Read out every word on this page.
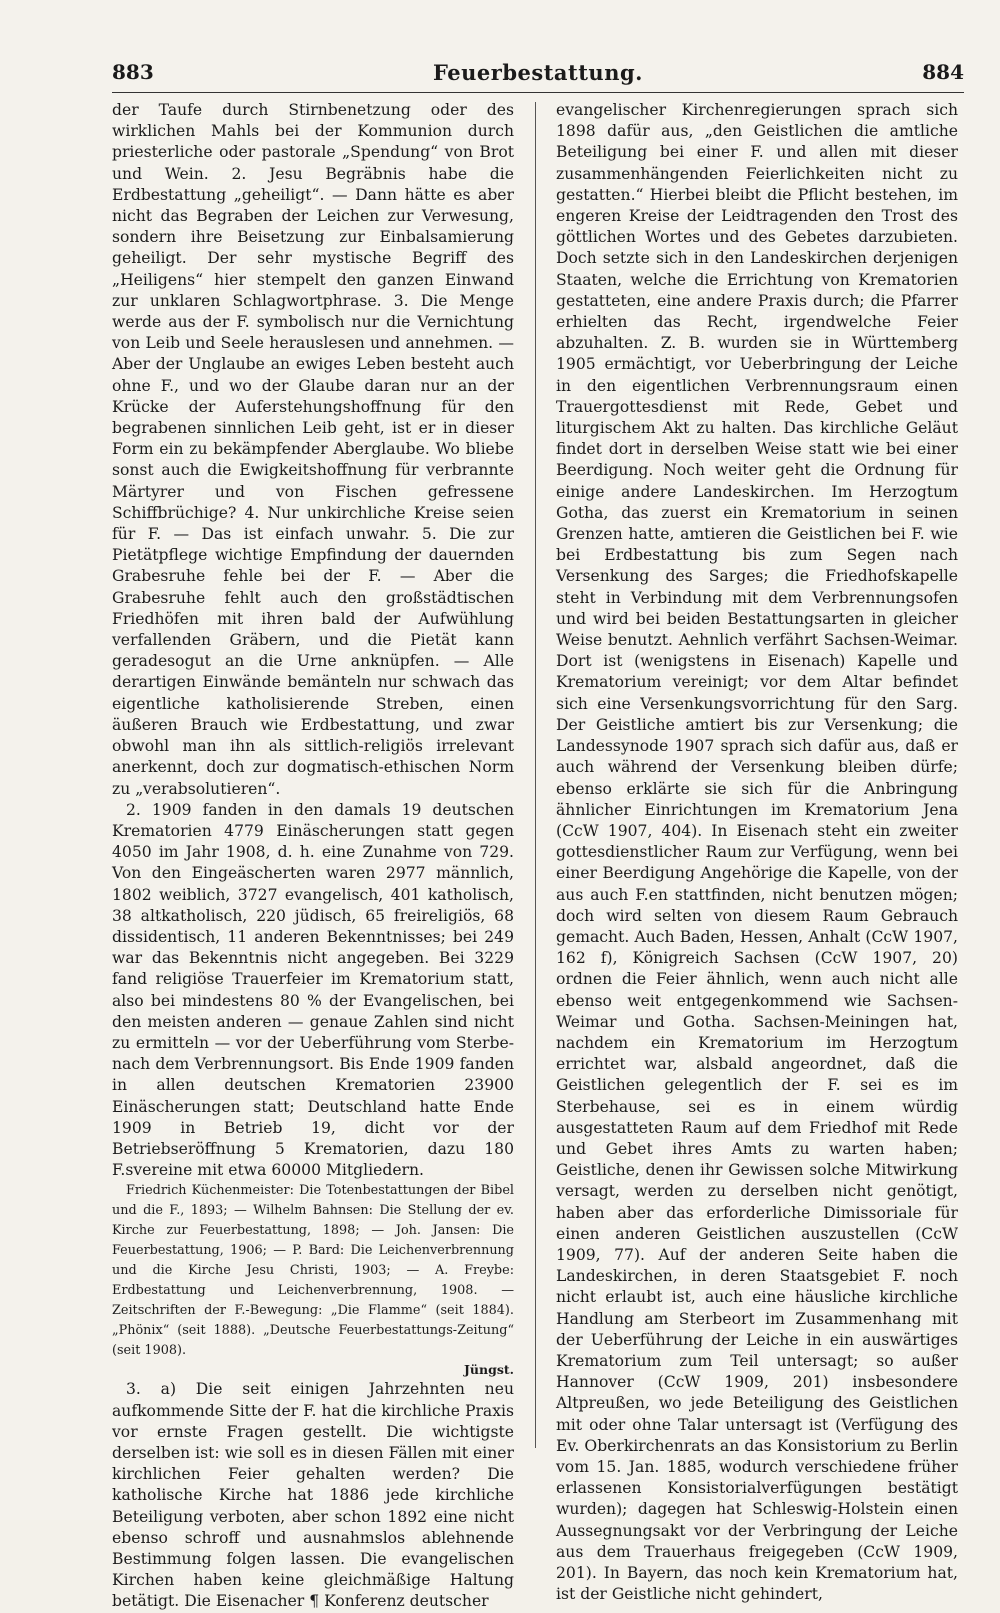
883	Feuerbestattung.	884

der Taufe durch Stirnbenetzung oder des wirklichen Mahls bei der Kommunion durch priesterliche oder pastorale „Spendung“ von Brot und Wein. 2. Jesu Begräbnis habe die Erdbestattung „geheiligt“. — Dann hätte es aber nicht das Begraben der Leichen zur Verwesung, sondern ihre Beisetzung zur Einbalsamierung geheiligt. Der sehr mystische Begriff des „Heiligens“ hier stempelt den ganzen Einwand zur unklaren Schlagwortphrase. 3. Die Menge werde aus der F. symbolisch nur die Vernichtung von Leib und Seele herauslesen und annehmen. — Aber der Unglaube an ewiges Leben besteht auch ohne F., und wo der Glaube daran nur an der Krücke der Auferstehungshoffnung für den begrabenen sinnlichen Leib geht, ist er in dieser Form ein zu bekämpfender Aberglaube. Wo bliebe sonst auch die Ewigkeitshoffnung für verbrannte Märtyrer und von Fischen gefressene Schiffbrüchige? 4. Nur unkirchliche Kreise seien für F. — Das ist einfach unwahr. 5. Die zur Pietätpflege wichtige Empfindung der dauernden Grabesruhe fehle bei der F. — Aber die Grabesruhe fehlt auch den großstädtischen Friedhöfen mit ihren bald der Aufwühlung verfallenden Gräbern, und die Pietät kann geradesogut an die Urne anknüpfen. — Alle derartigen Einwände bemänteln nur schwach das eigentliche katholisierende Streben, einen äußeren Brauch wie Erdbestattung, und zwar obwohl man ihn als sittlich-religiös irrelevant anerkennt, doch zur dogmatisch-ethischen Norm zu „verabsolutieren“.

2. 1909 fanden in den damals 19 deutschen Krematorien 4779 Einäscherungen statt gegen 4050 im Jahr 1908, d. h. eine Zunahme von 729. Von den Eingeäscherten waren 2977 männlich, 1802 weiblich, 3727 evangelisch, 401 katholisch, 38 altkatholisch, 220 jüdisch, 65 freireligiös, 68 dissidentisch, 11 anderen Bekenntnisses; bei 249 war das Bekenntnis nicht angegeben. Bei 3229 fand religiöse Trauerfeier im Krematorium statt, also bei mindestens 80 % der Evangelischen, bei den meisten anderen — genaue Zahlen sind nicht zu ermitteln — vor der Ueberführung vom Sterbe- nach dem Verbrennungsort. Bis Ende 1909 fanden in allen deutschen Krematorien 23900 Einäscherungen statt; Deutschland hatte Ende 1909 in Betrieb 19, dicht vor der Betriebseröffnung 5 Krematorien, dazu 180 F.svereine mit etwa 60000 Mitgliedern.

Friedrich Küchenmeister: Die Totenbestattungen der Bibel und die F., 1893; — Wilhelm Bahnsen: Die Stellung der ev. Kirche zur Feuerbestattung, 1898; — Joh. Jansen: Die Feuerbestattung, 1906; — P. Bard: Die Leichenverbrennung und die Kirche Jesu Christi, 1903; — A. Freybe: Erdbestattung und Leichenverbrennung, 1908. — Zeitschriften der F.-Bewegung: „Die Flamme“ (seit 1884). „Phönix“ (seit 1888). „Deutsche Feuerbestattungs-Zeitung“ (seit 1908).

Jüngst.

3. a) Die seit einigen Jahrzehnten neu aufkommende Sitte der F. hat die kirchliche Praxis vor ernste Fragen gestellt. Die wichtigste derselben ist: wie soll es in diesen Fällen mit einer kirchlichen Feier gehalten werden? Die katholische Kirche hat 1886 jede kirchliche Beteiligung verboten, aber schon 1892 eine nicht ebenso schroff und ausnahmslos ablehnende Bestimmung folgen lassen. Die evangelischen Kirchen haben keine gleichmäßige Haltung betätigt. Die Eisenacher ¶ Konferenz deutscher

evangelischer Kirchenregierungen sprach sich 1898 dafür aus, „den Geistlichen die amtliche Beteiligung bei einer F. und allen mit dieser zusammenhängenden Feierlichkeiten nicht zu gestatten.“ Hierbei bleibt die Pflicht bestehen, im engeren Kreise der Leidtragenden den Trost des göttlichen Wortes und des Gebetes darzubieten. Doch setzte sich in den Landeskirchen derjenigen Staaten, welche die Errichtung von Krematorien gestatteten, eine andere Praxis durch; die Pfarrer erhielten das Recht, irgendwelche Feier abzuhalten. Z. B. wurden sie in Württemberg 1905 ermächtigt, vor Ueberbringung der Leiche in den eigentlichen Verbrennungsraum einen Trauergottesdienst mit Rede, Gebet und liturgischem Akt zu halten. Das kirchliche Geläut findet dort in derselben Weise statt wie bei einer Beerdigung. Noch weiter geht die Ordnung für einige andere Landeskirchen. Im Herzogtum Gotha, das zuerst ein Krematorium in seinen Grenzen hatte, amtieren die Geistlichen bei F. wie bei Erdbestattung bis zum Segen nach Versenkung des Sarges; die Friedhofskapelle steht in Verbindung mit dem Verbrennungsofen und wird bei beiden Bestattungsarten in gleicher Weise benutzt. Aehnlich verfährt Sachsen-Weimar. Dort ist (wenigstens in Eisenach) Kapelle und Krematorium vereinigt; vor dem Altar befindet sich eine Versenkungsvorrichtung für den Sarg. Der Geistliche amtiert bis zur Versenkung; die Landessynode 1907 sprach sich dafür aus, daß er auch während der Versenkung bleiben dürfe; ebenso erklärte sie sich für die Anbringung ähnlicher Einrichtungen im Krematorium Jena (CcW 1907, 404). In Eisenach steht ein zweiter gottesdienstlicher Raum zur Verfügung, wenn bei einer Beerdigung Angehörige die Kapelle, von der aus auch F.en stattfinden, nicht benutzen mögen; doch wird selten von diesem Raum Gebrauch gemacht. Auch Baden, Hessen, Anhalt (CcW 1907, 162 f), Königreich Sachsen (CcW 1907, 20) ordnen die Feier ähnlich, wenn auch nicht alle ebenso weit entgegenkommend wie Sachsen-Weimar und Gotha. Sachsen-Meiningen hat, nachdem ein Krematorium im Herzogtum errichtet war, alsbald angeordnet, daß die Geistlichen gelegentlich der F. sei es im Sterbehause, sei es in einem würdig ausgestatteten Raum auf dem Friedhof mit Rede und Gebet ihres Amts zu warten haben; Geistliche, denen ihr Gewissen solche Mitwirkung versagt, werden zu derselben nicht genötigt, haben aber das erforderliche Dimissoriale für einen anderen Geistlichen auszustellen (CcW 1909, 77). Auf der anderen Seite haben die Landeskirchen, in deren Staatsgebiet F. noch nicht erlaubt ist, auch eine häusliche kirchliche Handlung am Sterbeort im Zusammenhang mit der Ueberführung der Leiche in ein auswärtiges Krematorium zum Teil untersagt; so außer Hannover (CcW 1909, 201) insbesondere Altpreußen, wo jede Beteiligung des Geistlichen mit oder ohne Talar untersagt ist (Verfügung des Ev. Oberkirchenrats an das Konsistorium zu Berlin vom 15. Jan. 1885, wodurch verschiedene früher erlassenen Konsistorialverfügungen bestätigt wurden); dagegen hat Schleswig-Holstein einen Aussegnungsakt vor der Verbringung der Leiche aus dem Trauerhaus freigegeben (CcW 1909, 201). In Bayern, das noch kein Krematorium hat, ist der Geistliche nicht gehindert,
